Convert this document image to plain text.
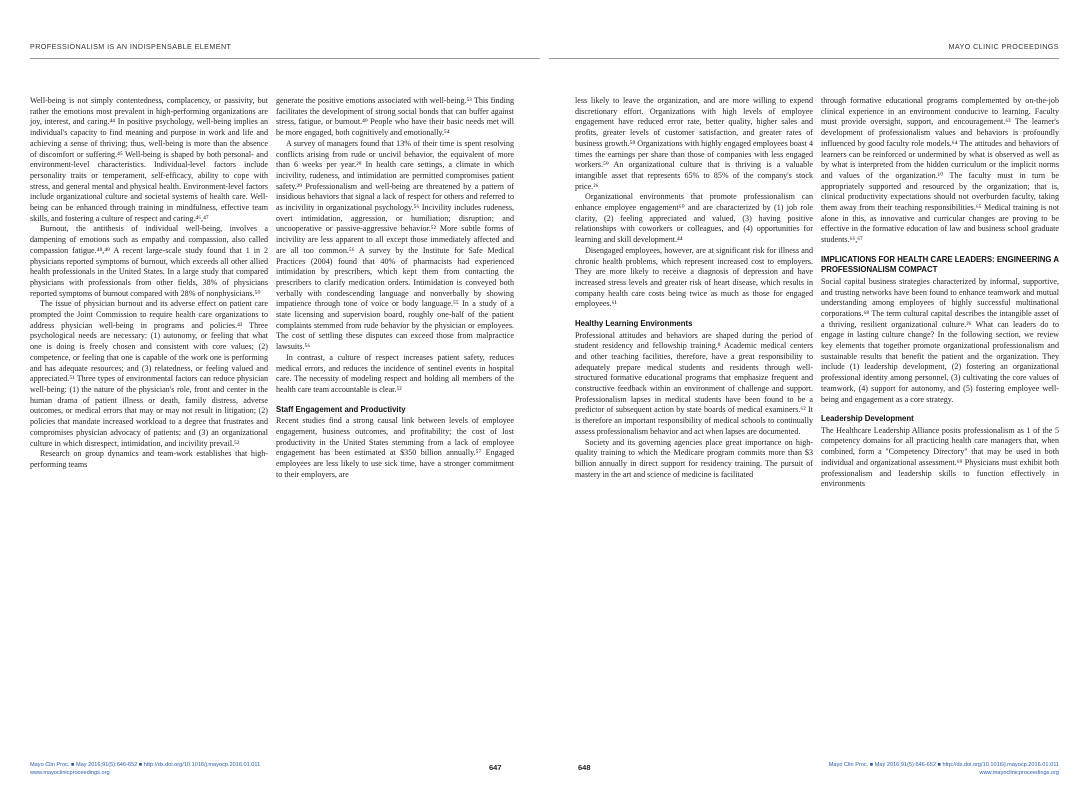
PROFESSIONALISM IS AN INDISPENSABLE ELEMENT	MAYO CLINIC PROCEEDINGS

Well-being is not simply contentedness, complacency, or passivity, but rather the emotions most prevalent in high-performing organizations are joy, interest, and caring.⁴⁴ In positive psychology, well-being implies an individual's capacity to find meaning and purpose in work and life and achieving a sense of thriving; thus, well-being is more than the absence of discomfort or suffering.⁴⁵ Well-being is shaped by both personal- and environment-level characteristics. Individual-level factors include personality traits or temperament, self-efficacy, ability to cope with stress, and general mental and physical health. Environment-level factors include organizational culture and societal systems of health care. Well-being can be enhanced through training in mindfulness, effective team skills, and fostering a culture of respect and caring.⁴⁶,⁴⁷

Burnout, the antithesis of individual well-being, involves a dampening of emotions such as empathy and compassion, also called compassion fatigue.⁴⁸,⁴⁹ A recent large-scale study found that 1 in 2 physicians reported symptoms of burnout, which exceeds all other allied health professionals in the United States. In a large study that compared physicians with professionals from other fields, 38% of physicians reported symptoms of burnout compared with 28% of nonphysicians.⁵⁰

The issue of physician burnout and its adverse effect on patient care prompted the Joint Commission to require health care organizations to address physician well-being in programs and policies.⁴³ Three psychological needs are necessary: (1) autonomy, or feeling that what one is doing is freely chosen and consistent with core values; (2) competence, or feeling that one is capable of the work one is performing and has adequate resources; and (3) relatedness, or feeling valued and appreciated.⁵¹ Three types of environmental factors can reduce physician well-being: (1) the nature of the physician's role, front and center in the human drama of patient illness or death, family distress, adverse outcomes, or medical errors that may or may not result in litigation; (2) policies that mandate increased workload to a degree that frustrates and compromises physician advocacy of patients; and (3) an organizational culture in which disrespect, intimidation, and incivility prevail.⁵²

Research on group dynamics and team-work establishes that high-performing teams

generate the positive emotions associated with well-being.⁵³ This finding facilitates the development of strong social bonds that can buffer against stress, fatigue, or burnout.⁴⁹ People who have their basic needs met will be more engaged, both cognitively and emotionally.⁵⁴

A survey of managers found that 13% of their time is spent resolving conflicts arising from rude or uncivil behavior, the equivalent of more than 6 weeks per year.²⁹ In health care settings, a climate in which incivility, rudeness, and intimidation are permitted compromises patient safety.²⁹ Professionalism and well-being are threatened by a pattern of insidious behaviors that signal a lack of respect for others and referred to as incivility in organizational psychology.⁵⁶ Incivility includes rudeness, overt intimidation, aggression, or humiliation; disruption; and uncooperative or passive-aggressive behavior.⁵² More subtle forms of incivility are less apparent to all except those immediately affected and are all too common.⁵⁶ A survey by the Institute for Safe Medical Practices (2004) found that 40% of pharmacists had experienced intimidation by prescribers, which kept them from contacting the prescribers to clarify medication orders. Intimidation is conveyed both verbally with condescending language and nonverbally by showing impatience through tone of voice or body language.⁵⁵ In a study of a state licensing and supervision board, roughly one-half of the patient complaints stemmed from rude behavior by the physician or employees. The cost of settling these disputes can exceed those from malpractice lawsuits.⁵⁶

In contrast, a culture of respect increases patient safety, reduces medical errors, and reduces the incidence of sentinel events in hospital care. The necessity of modeling respect and holding all members of the health care team accountable is clear.⁵²

Staff Engagement and Productivity

Recent studies find a strong causal link between levels of employee engagement, business outcomes, and profitability; the cost of lost productivity in the United States stemming from a lack of employee engagement has been estimated at $350 billion annually.⁵⁷ Engaged employees are less likely to use sick time, have a stronger commitment to their employers, are

less likely to leave the organization, and are more willing to expend discretionary effort. Organizations with high levels of employee engagement have reduced error rate, better quality, higher sales and profits, greater levels of customer satisfaction, and greater rates of business growth.⁵⁸ Organizations with highly engaged employees boast 4 times the earnings per share than those of companies with less engaged workers.⁵⁹ An organizational culture that is thriving is a valuable intangible asset that represents 65% to 85% of the company's stock price.²⁶

Organizational environments that promote professionalism can enhance employee engagement⁶⁰ and are characterized by (1) job role clarity, (2) feeling appreciated and valued, (3) having positive relationships with coworkers or colleagues, and (4) opportunities for learning and skill development.⁴⁴

Disengaged employees, however, are at significant risk for illness and chronic health problems, which represent increased cost to employers. They are more likely to receive a diagnosis of depression and have increased stress levels and greater risk of heart disease, which results in company health care costs being twice as much as those for engaged employees.⁶¹

Healthy Learning Environments

Professional attitudes and behaviors are shaped during the period of student residency and fellowship training.⁸ Academic medical centers and other teaching facilities, therefore, have a great responsibility to adequately prepare medical students and residents through well-structured formative educational programs that emphasize frequent and constructive feedback within an environment of challenge and support. Professionalism lapses in medical students have been found to be a predictor of subsequent action by state boards of medical examiners.⁶² It is therefore an important responsibility of medical schools to continually assess professionalism behavior and act when lapses are documented.

Society and its governing agencies place great importance on high-quality training to which the Medicare program commits more than $3 billion annually in direct support for residency training. The pursuit of mastery in the art and science of medicine is facilitated

through formative educational programs complemented by on-the-job clinical experience in an environment conducive to learning. Faculty must provide oversight, support, and encouragement.⁶³ The learner's development of professionalism values and behaviors is profoundly influenced by good faculty role models.⁶⁴ The attitudes and behaviors of learners can be reinforced or undermined by what is observed as well as by what is interpreted from the hidden curriculum or the implicit norms and values of the organization.¹⁰ The faculty must in turn be appropriately supported and resourced by the organization; that is, clinical productivity expectations should not overburden faculty, taking them away from their teaching responsibilities.⁶⁵ Medical training is not alone in this, as innovative and curricular changes are proving to be effective in the formative education of law and business school graduate students.⁶⁶,⁶⁷

IMPLICATIONS FOR HEALTH CARE LEADERS: ENGINEERING A PROFESSIONALISM COMPACT

Social capital business strategies characterized by informal, supportive, and trusting networks have been found to enhance teamwork and mutual understanding among employees of highly successful multinational corporations.⁶⁸ The term cultural capital describes the intangible asset of a thriving, resilient organizational culture.²⁶ What can leaders do to engage in lasting culture change? In the following section, we review key elements that together promote organizational professionalism and sustainable results that benefit the patient and the organization. They include (1) leadership development, (2) fostering an organizational professional identity among personnel, (3) cultivating the core values of teamwork, (4) support for autonomy, and (5) fostering employee well-being and engagement as a core strategy.

Leadership Development

The Healthcare Leadership Alliance posits professionalism as 1 of the 5 competency domains for all practicing health care managers that, when combined, form a "Competency Directory" that may be used in both individual and organizational assessment.⁶⁹ Physicians must exhibit both professionalism and leadership skills to function effectively in environments

Mayo Clin Proc. ■ May 2016;91(5):646-652 ■ http://dx.doi.org/10.1016/j.mayocp.2016.01.011
www.mayoclinicproceedings.org
647	648	Mayo Clin Proc. ■ May 2016;91(5):646-652 ■ http://dx.doi.org/10.1016/j.mayocp.2016.01.011
www.mayoclinicproceedings.org
